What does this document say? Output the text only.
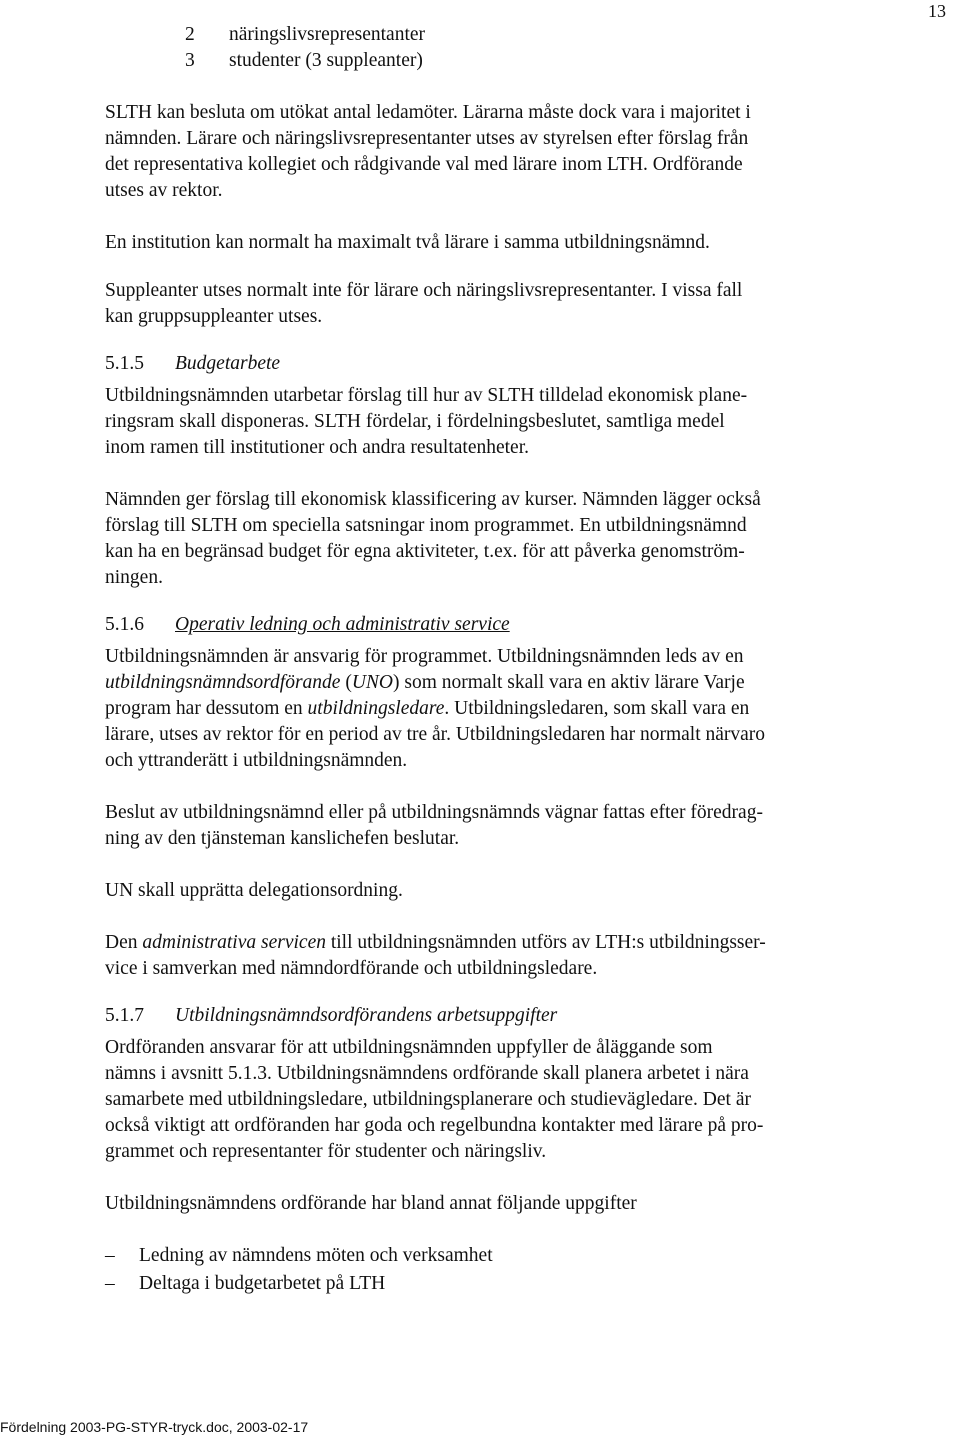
13
2	näringslivsrepresentanter
3	studenter (3 suppleanter)

SLTH kan besluta om utökat antal ledamöter. Lärarna måste dock vara i majoritet i
nämnden. Lärare och näringslivsrepresentanter utses av styrelsen efter förslag från
det representativa kollegiet och rådgivande val med lärare inom LTH. Ordförande
utses av rektor.

En institution kan normalt ha maximalt två lärare i samma utbildningsnämnd.

Suppleanter utses normalt inte för lärare och näringslivsrepresentanter. I vissa fall
kan gruppsuppleanter utses.

5.1.5	Budgetarbete

Utbildningsnämnden utarbetar förslag till hur av SLTH tilldelad ekonomisk plane-
ringsram skall disponeras. SLTH fördelar, i fördelningsbeslutet, samtliga medel
inom ramen till institutioner och andra resultatenheter.

Nämnden ger förslag till ekonomisk klassificering av kurser. Nämnden lägger också
förslag till SLTH om speciella satsningar inom programmet. En utbildningsnämnd
kan ha en begränsad budget för egna aktiviteter, t.ex. för att påverka genomström-
ningen.

5.1.6	Operativ ledning och administrativ service

Utbildningsnämnden är ansvarig för programmet. Utbildningsnämnden leds av en
utbildningsnämndsordförande (UNO) som normalt skall vara en aktiv lärare Varje
program har dessutom en utbildningsledare. Utbildningsledaren, som skall vara en
lärare, utses av rektor för en period av tre år. Utbildningsledaren har normalt närvaro
och yttranderätt i utbildningsnämnden.

Beslut av utbildningsnämnd eller på utbildningsnämnds vägnar fattas efter föredrag-
ning av den tjänsteman kanslichefen beslutar.

UN skall upprätta delegationsordning.

Den administrativa servicen till utbildningsnämnden utförs av LTH:s utbildningsser-
vice i samverkan med nämndordförande och utbildningsledare.

5.1.7	Utbildningsnämndsordförandens arbetsuppgifter

Ordföranden ansvarar för att utbildningsnämnden uppfyller de åläggande som
nämns i avsnitt 5.1.3. Utbildningsnämndens ordförande skall planera arbetet i nära
samarbete med utbildningsledare, utbildningsplanerare och studievägledare. Det är
också viktigt att ordföranden har goda och regelbundna kontakter med lärare på pro-
grammet och representanter för studenter och näringsliv.

Utbildningsnämndens ordförande har bland annat följande uppgifter

–	Ledning av nämndens möten och verksamhet
–	Deltaga i budgetarbetet på LTH
Fördelning 2003-PG-STYR-tryck.doc, 2003-02-17
